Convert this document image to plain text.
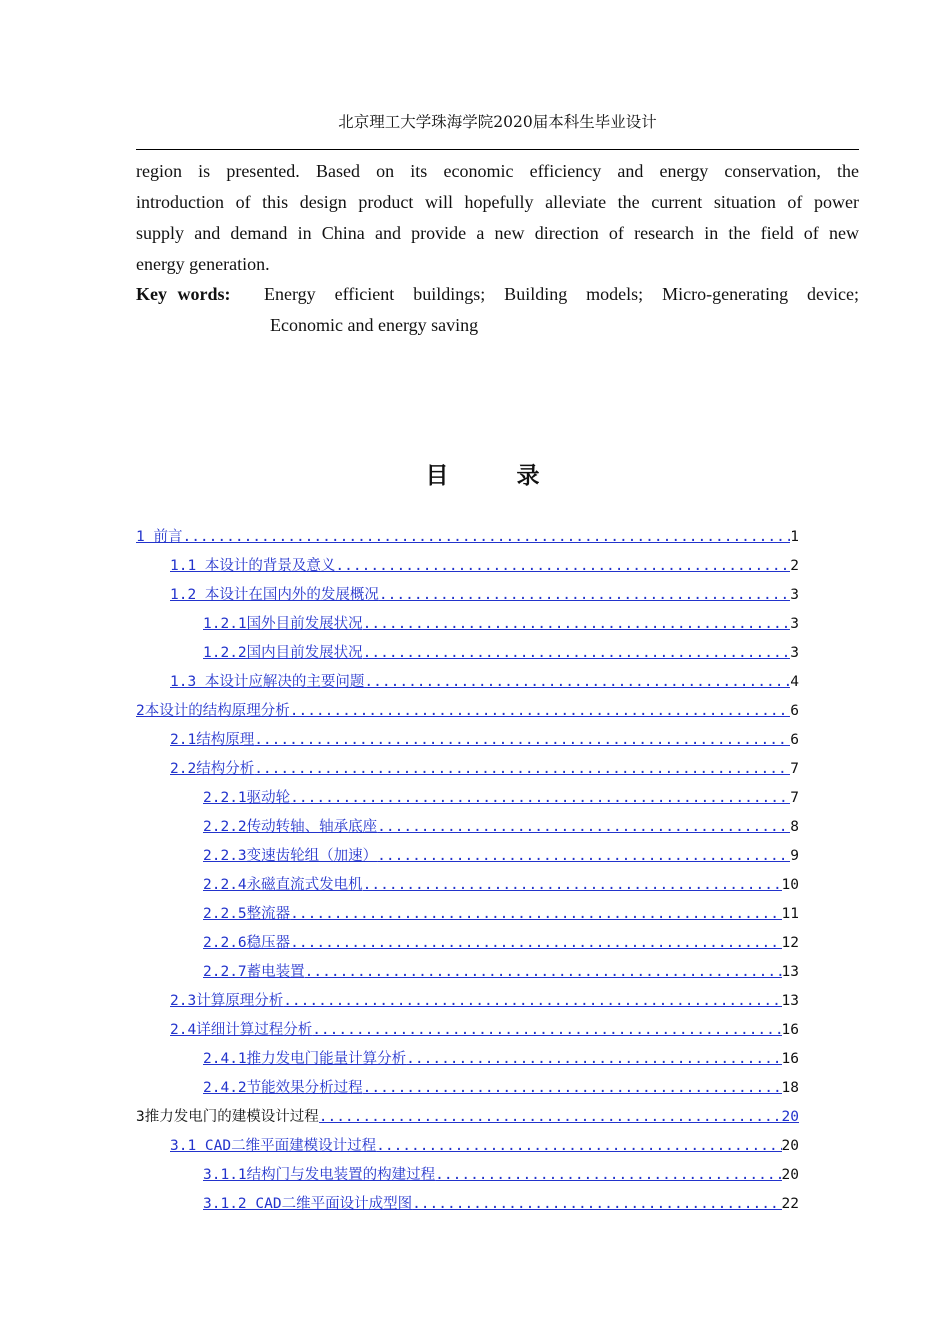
北京理工大学珠海学院2020届本科生毕业设计
region is presented. Based on its economic efficiency and energy conservation, the
introduction of this design product will hopefully alleviate the current situation of power
supply and demand in China and provide a new direction of research in the field of new
energy generation.
Key words:	Energy efficient buildings; Building models; Micro-generating device;
Economic and energy saving
目 录
1 前言 .....	1
1.1 本设计的背景及意义 .....	2
1.2 本设计在国内外的发展概况 .....	3
1.2.1国外目前发展状况 .....	3
1.2.2国内目前发展状况 .....	3
1.3 本设计应解决的主要问题 .....	4
2本设计的结构原理分析 .....	6
2.1结构原理 .....	6
2.2结构分析 .....	7
2.2.1驱动轮 .....	7
2.2.2传动转轴、轴承底座 .....	8
2.2.3变速齿轮组（加速） .....	9
2.2.4永磁直流式发电机 .....	10
2.2.5整流器 .....	11
2.2.6稳压器 .....	12
2.2.7蓄电装置 .....	13
2.3计算原理分析 .....	13
2.4详细计算过程分析 .....	16
2.4.1推力发电门能量计算分析 .....	16
2.4.2节能效果分析过程 .....	18
3推力发电门的建模设计过程 .....	20
3.1 CAD二维平面建模设计过程 .....	20
3.1.1结构门与发电装置的构建过程 .....	20
3.1.2 CAD二维平面设计成型图 .....	22
